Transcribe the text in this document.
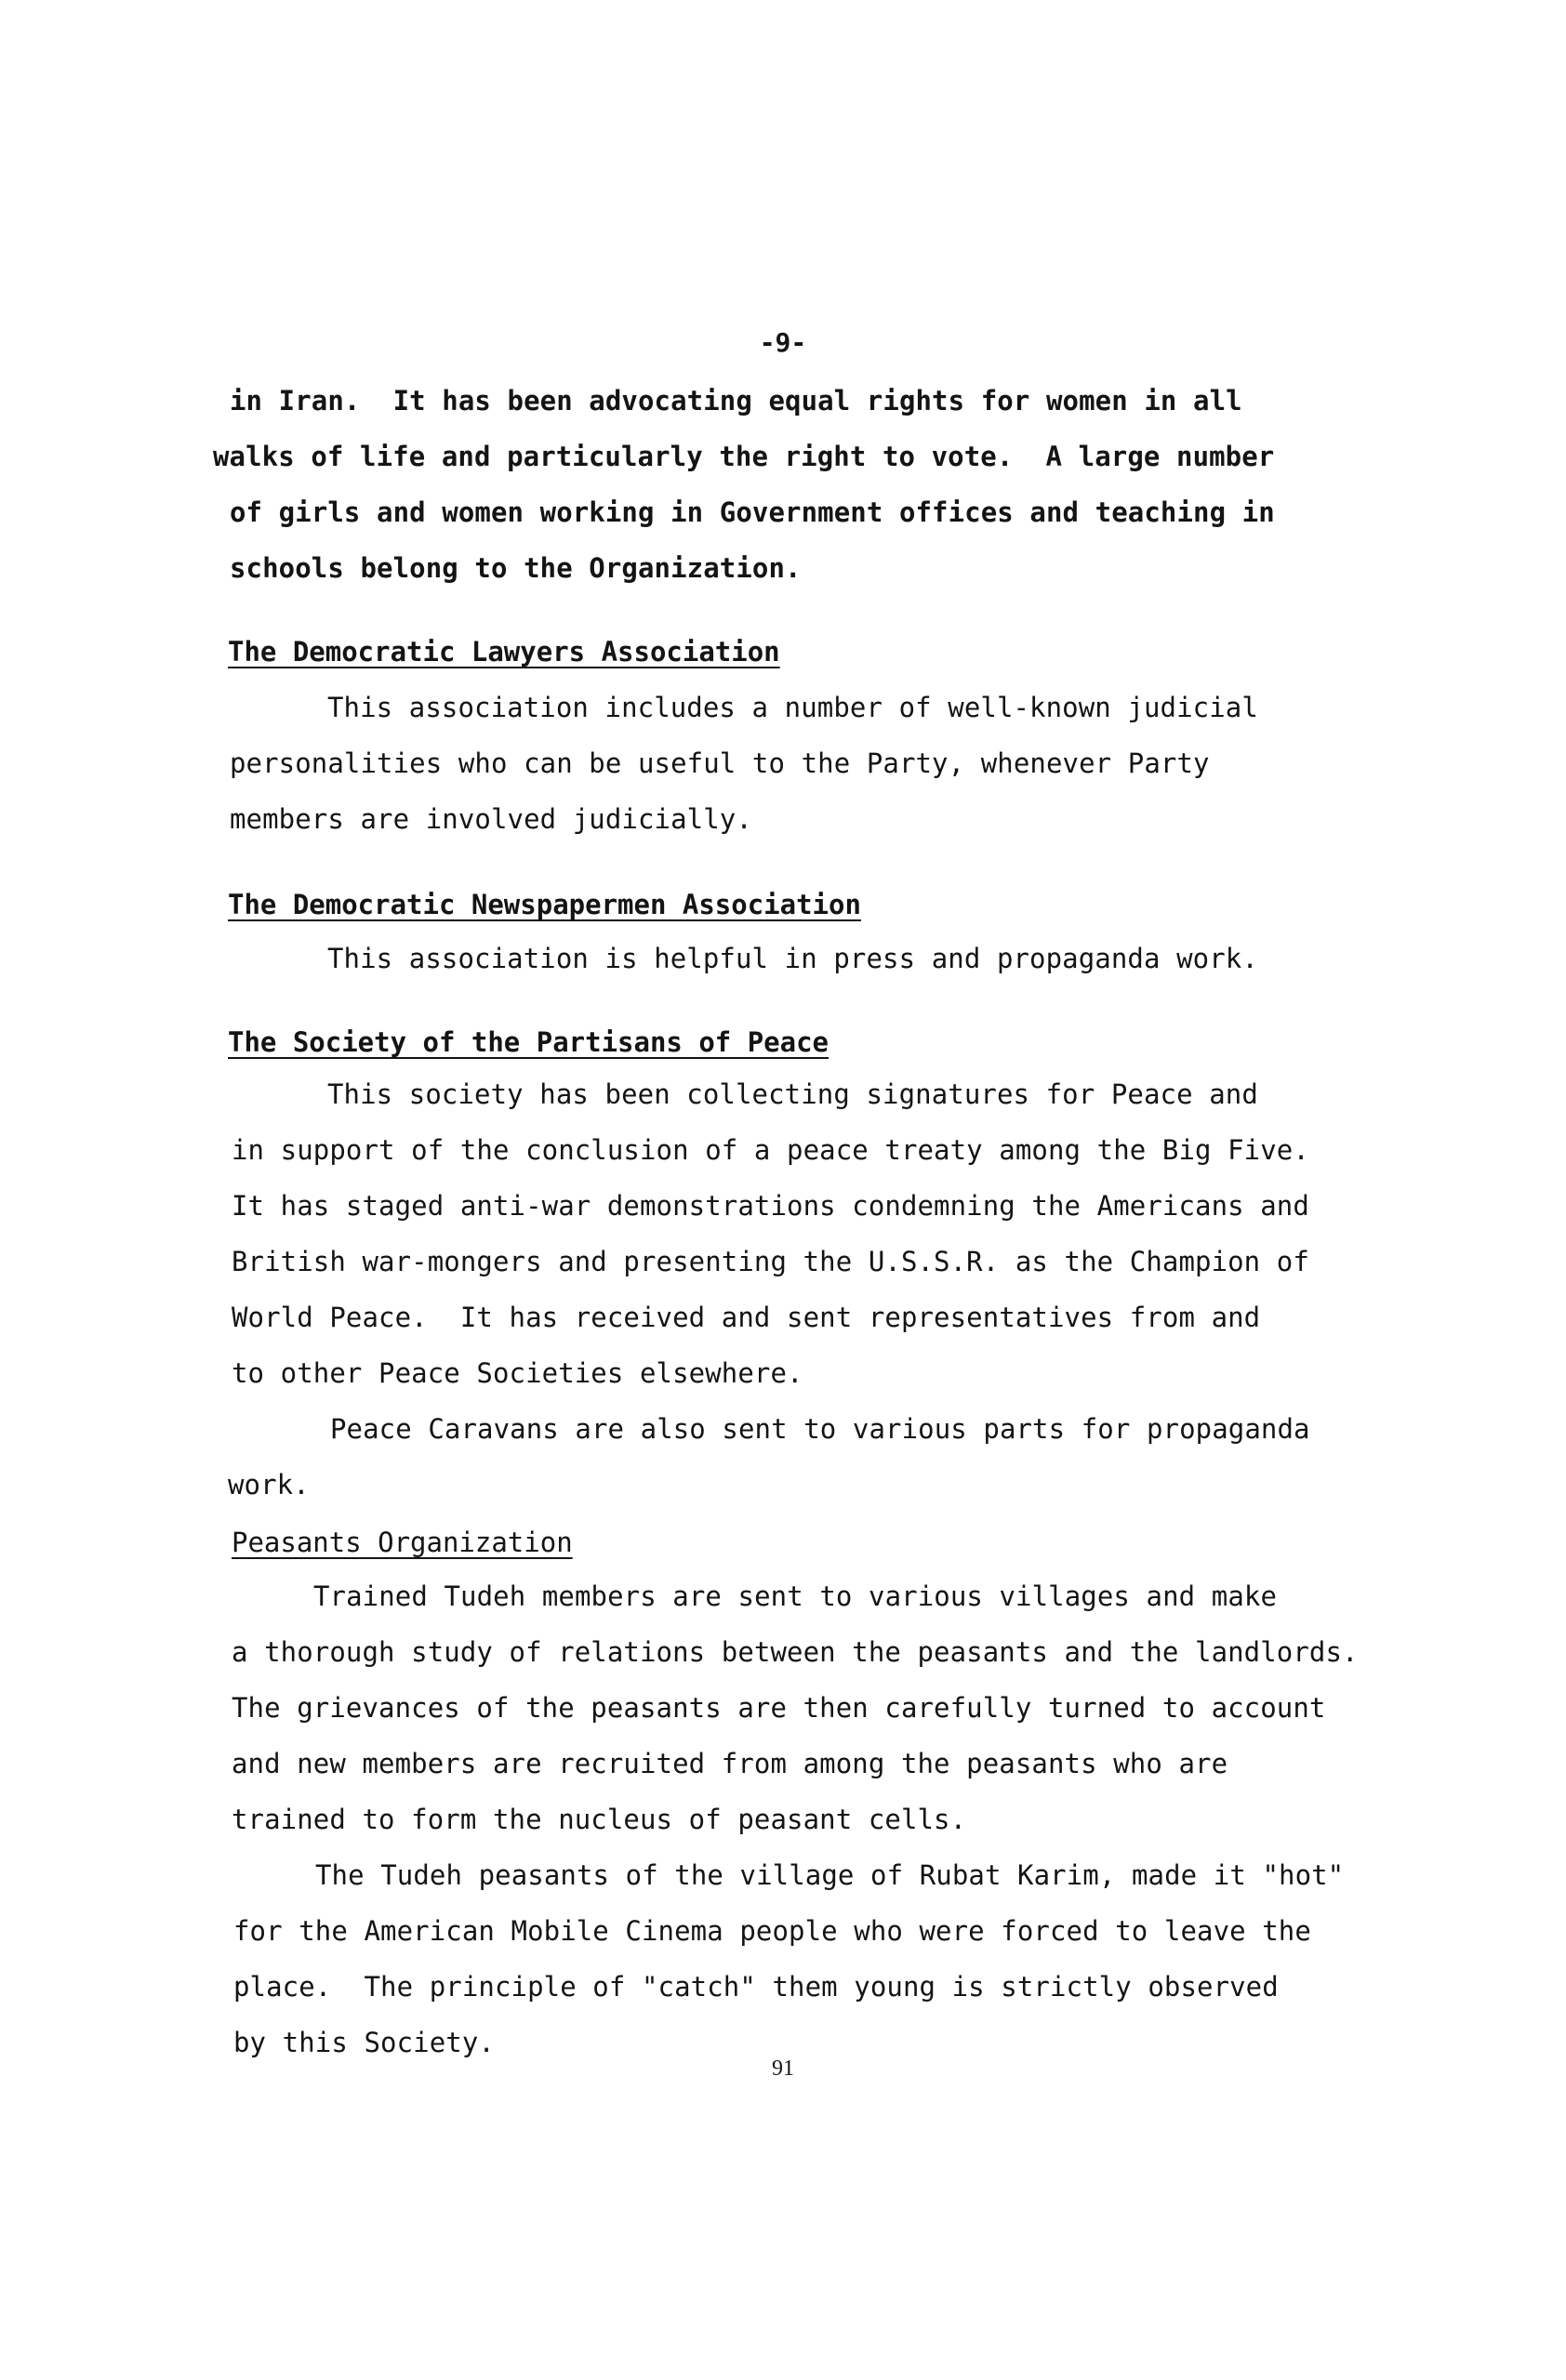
-9-
in Iran.  It has been advocating equal rights for women in all
walks of life and particularly the right to vote.  A large number
of girls and women working in Government offices and teaching in
schools belong to the Organization.
The Democratic Lawyers Association
This association includes a number of well-known judicial
personalities who can be useful to the Party, whenever Party
members are involved judicially.
The Democratic Newspapermen Association
This association is helpful in press and propaganda work.
The Society of the Partisans of Peace
This society has been collecting signatures for Peace and
in support of the conclusion of a peace treaty among the Big Five.
It has staged anti-war demonstrations condemning the Americans and
British war-mongers and presenting the U.S.S.R. as the Champion of
World Peace.  It has received and sent representatives from and
to other Peace Societies elsewhere.
Peace Caravans are also sent to various parts for propaganda
work.
Peasants Organization
Trained Tudeh members are sent to various villages and make
a thorough study of relations between the peasants and the landlords.
The grievances of the peasants are then carefully turned to account
and new members are recruited from among the peasants who are
trained to form the nucleus of peasant cells.
The Tudeh peasants of the village of Rubat Karim, made it "hot"
for the American Mobile Cinema people who were forced to leave the
place.  The principle of "catch" them young is strictly observed
by this Society.
91
